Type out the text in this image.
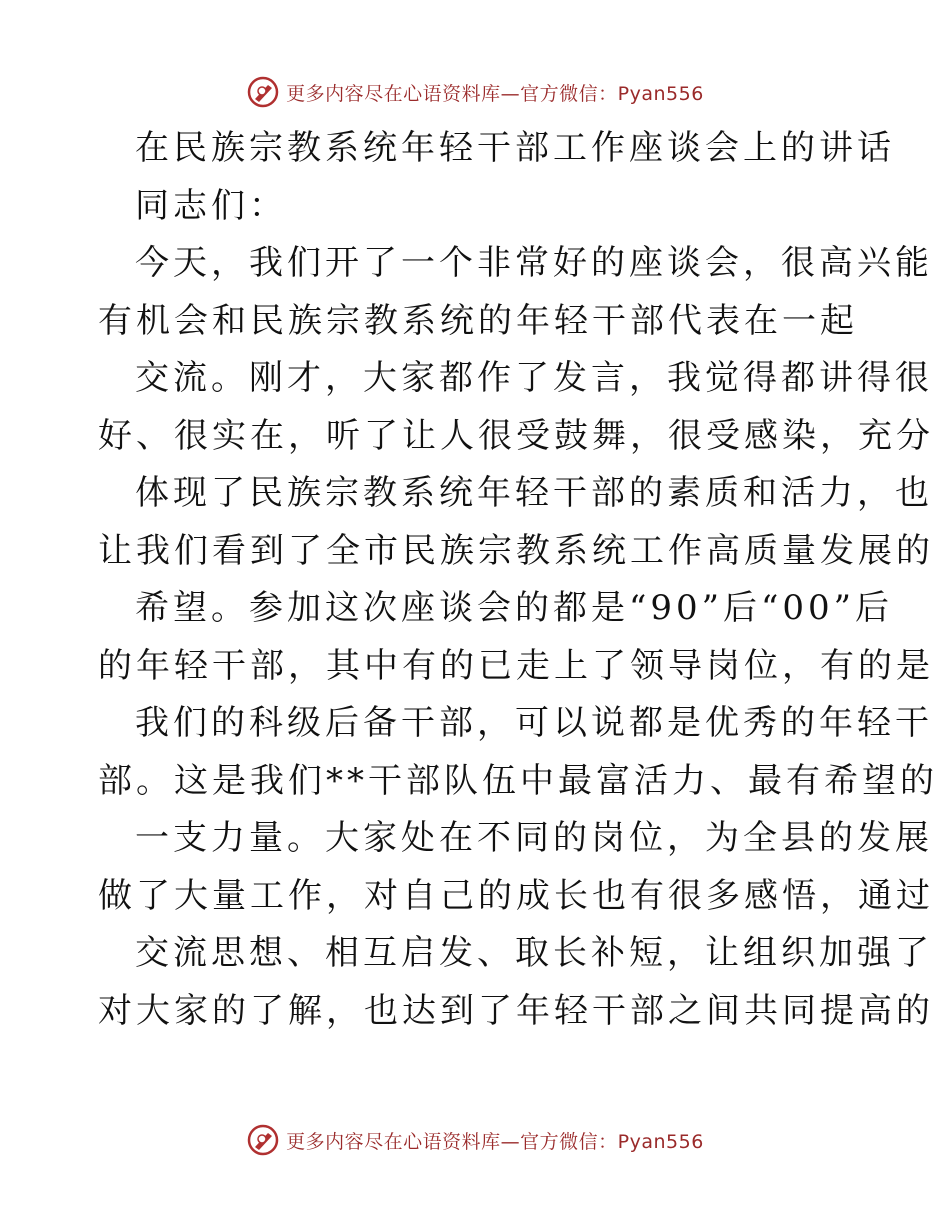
更多内容尽在心语资料库—官方微信：Pyan556
在民族宗教系统年轻干部工作座谈会上的讲话
同志们：
今天，我们开了一个非常好的座谈会，很高兴能
有机会和民族宗教系统的年轻干部代表在一起
交流。刚才，大家都作了发言，我觉得都讲得很
好、很实在，听了让人很受鼓舞，很受感染，充分
体现了民族宗教系统年轻干部的素质和活力，也
让我们看到了全市民族宗教系统工作高质量发展的
希望。参加这次座谈会的都是“90”后“00”后
的年轻干部，其中有的已走上了领导岗位，有的是
我们的科级后备干部，可以说都是优秀的年轻干
部。这是我们**干部队伍中最富活力、最有希望的
一支力量。大家处在不同的岗位，为全县的发展
做了大量工作，对自己的成长也有很多感悟，通过
交流思想、相互启发、取长补短，让组织加强了
对大家的了解，也达到了年轻干部之间共同提高的
更多内容尽在心语资料库—官方微信：Pyan556
